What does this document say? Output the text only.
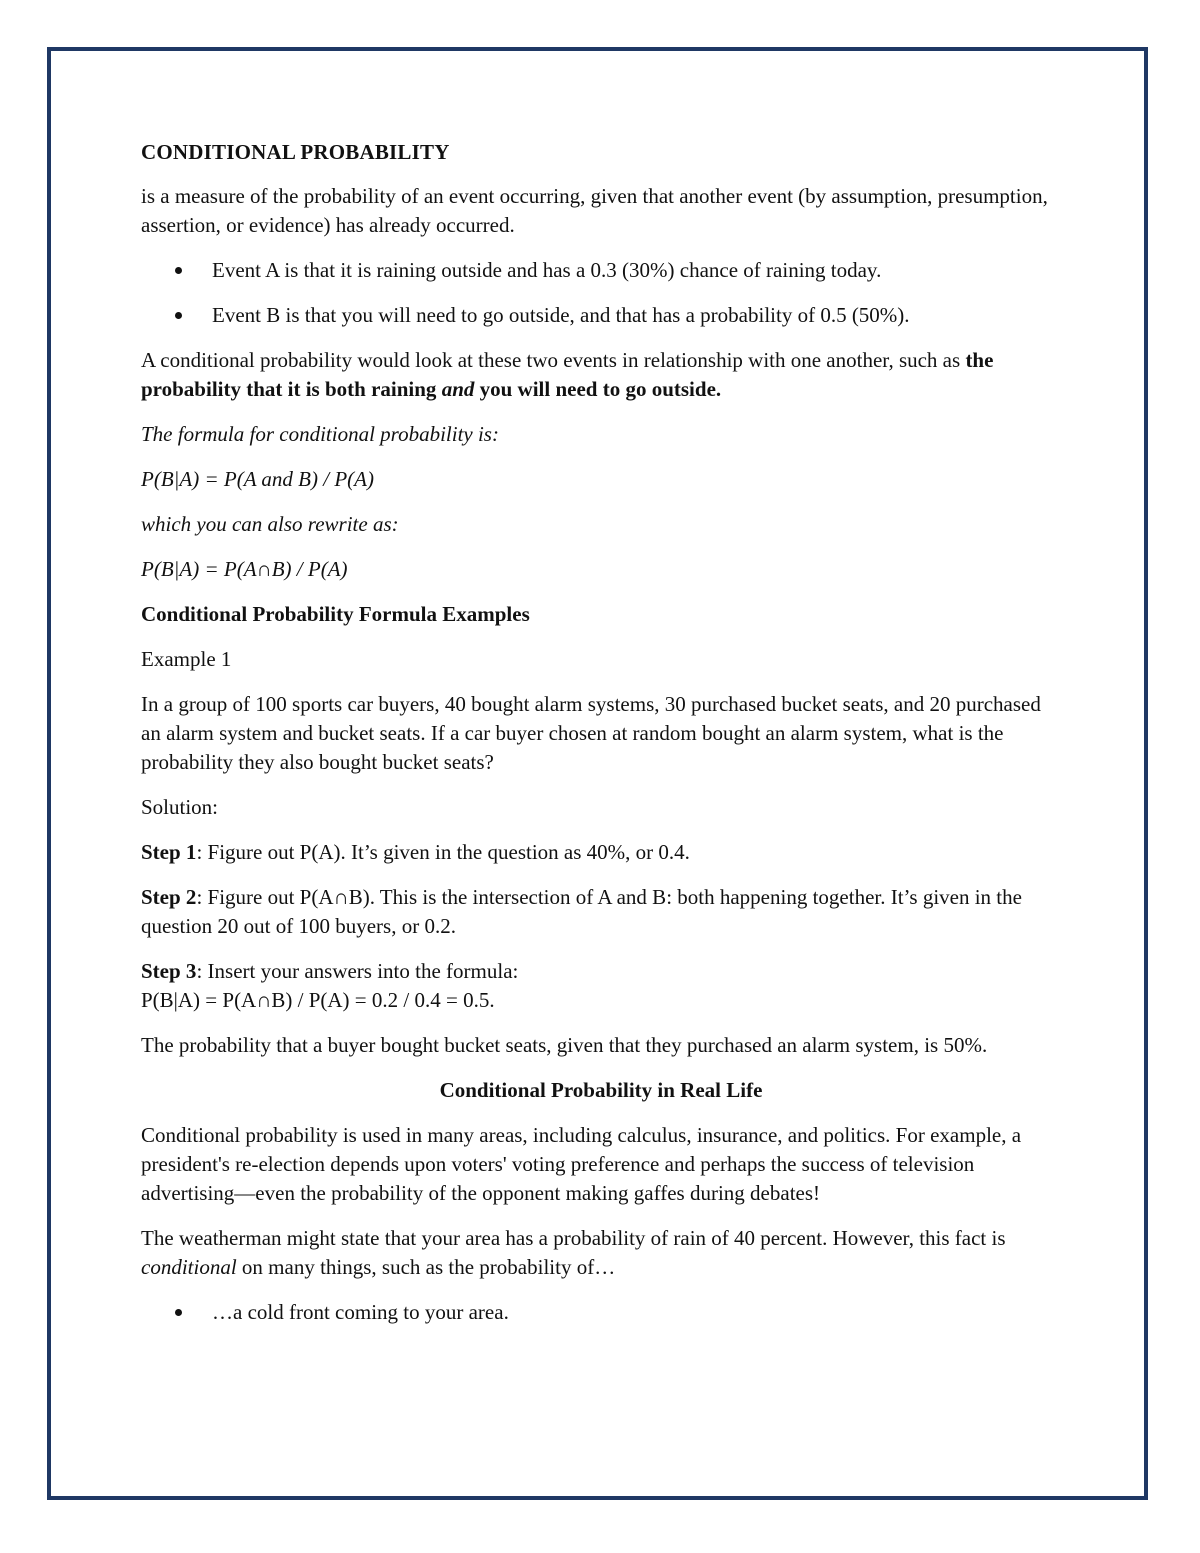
CONDITIONAL PROBABILITY

is a measure of the probability of an event occurring, given that another event (by assumption, presumption, assertion, or evidence) has already occurred.

Event A is that it is raining outside and has a 0.3 (30%) chance of raining today.
Event B is that you will need to go outside, and that has a probability of 0.5 (50%).

A conditional probability would look at these two events in relationship with one another, such as the probability that it is both raining and you will need to go outside.

The formula for conditional probability is:

P(B|A) = P(A and B) / P(A)

which you can also rewrite as:

P(B|A) = P(A∩B) / P(A)

Conditional Probability Formula Examples

Example 1

In a group of 100 sports car buyers, 40 bought alarm systems, 30 purchased bucket seats, and 20 purchased an alarm system and bucket seats. If a car buyer chosen at random bought an alarm system, what is the probability they also bought bucket seats?

Solution:

Step 1: Figure out P(A). It’s given in the question as 40%, or 0.4.

Step 2: Figure out P(A∩B). This is the intersection of A and B: both happening together. It’s given in the question 20 out of 100 buyers, or 0.2.

Step 3: Insert your answers into the formula:
P(B|A) = P(A∩B) / P(A) = 0.2 / 0.4 = 0.5.

The probability that a buyer bought bucket seats, given that they purchased an alarm system, is 50%.

Conditional Probability in Real Life

Conditional probability is used in many areas, including calculus, insurance, and politics. For example, a president's re-election depends upon voters' voting preference and perhaps the success of television advertising—even the probability of the opponent making gaffes during debates!

The weatherman might state that your area has a probability of rain of 40 percent. However, this fact is conditional on many things, such as the probability of…

…a cold front coming to your area.
